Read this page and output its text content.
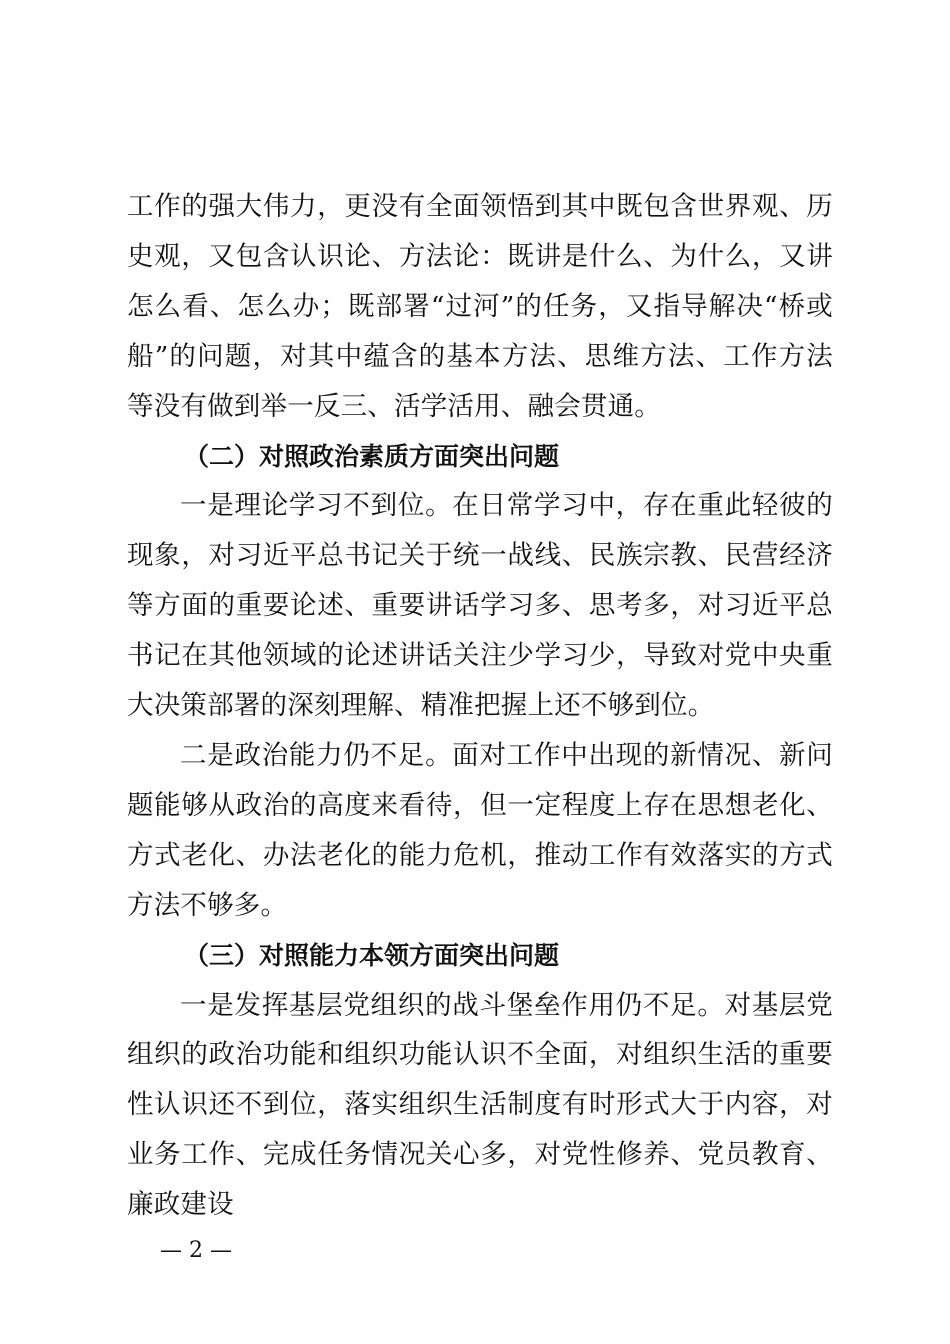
工作的强大伟力，更没有全面领悟到其中既包含世界观、历史观，又包含认识论、方法论：既讲是什么、为什么，又讲怎么看、怎么办；既部署“过河”的任务，又指导解决“桥或船”的问题，对其中蕴含的基本方法、思维方法、工作方法等没有做到举一反三、活学活用、融会贯通。

（二）对照政治素质方面突出问题

一是理论学习不到位。在日常学习中，存在重此轻彼的现象，对习近平总书记关于统一战线、民族宗教、民营经济等方面的重要论述、重要讲话学习多、思考多，对习近平总书记在其他领域的论述讲话关注少学习少，导致对党中央重大决策部署的深刻理解、精准把握上还不够到位。

二是政治能力仍不足。面对工作中出现的新情况、新问题能够从政治的高度来看待，但一定程度上存在思想老化、方式老化、办法老化的能力危机，推动工作有效落实的方式方法不够多。

（三）对照能力本领方面突出问题

一是发挥基层党组织的战斗堡垒作用仍不足。对基层党组织的政治功能和组织功能认识不全面，对组织生活的重要性认识还不到位，落实组织生活制度有时形式大于内容，对业务工作、完成任务情况关心多，对党性修养、党员教育、廉政建设

— 2 —
